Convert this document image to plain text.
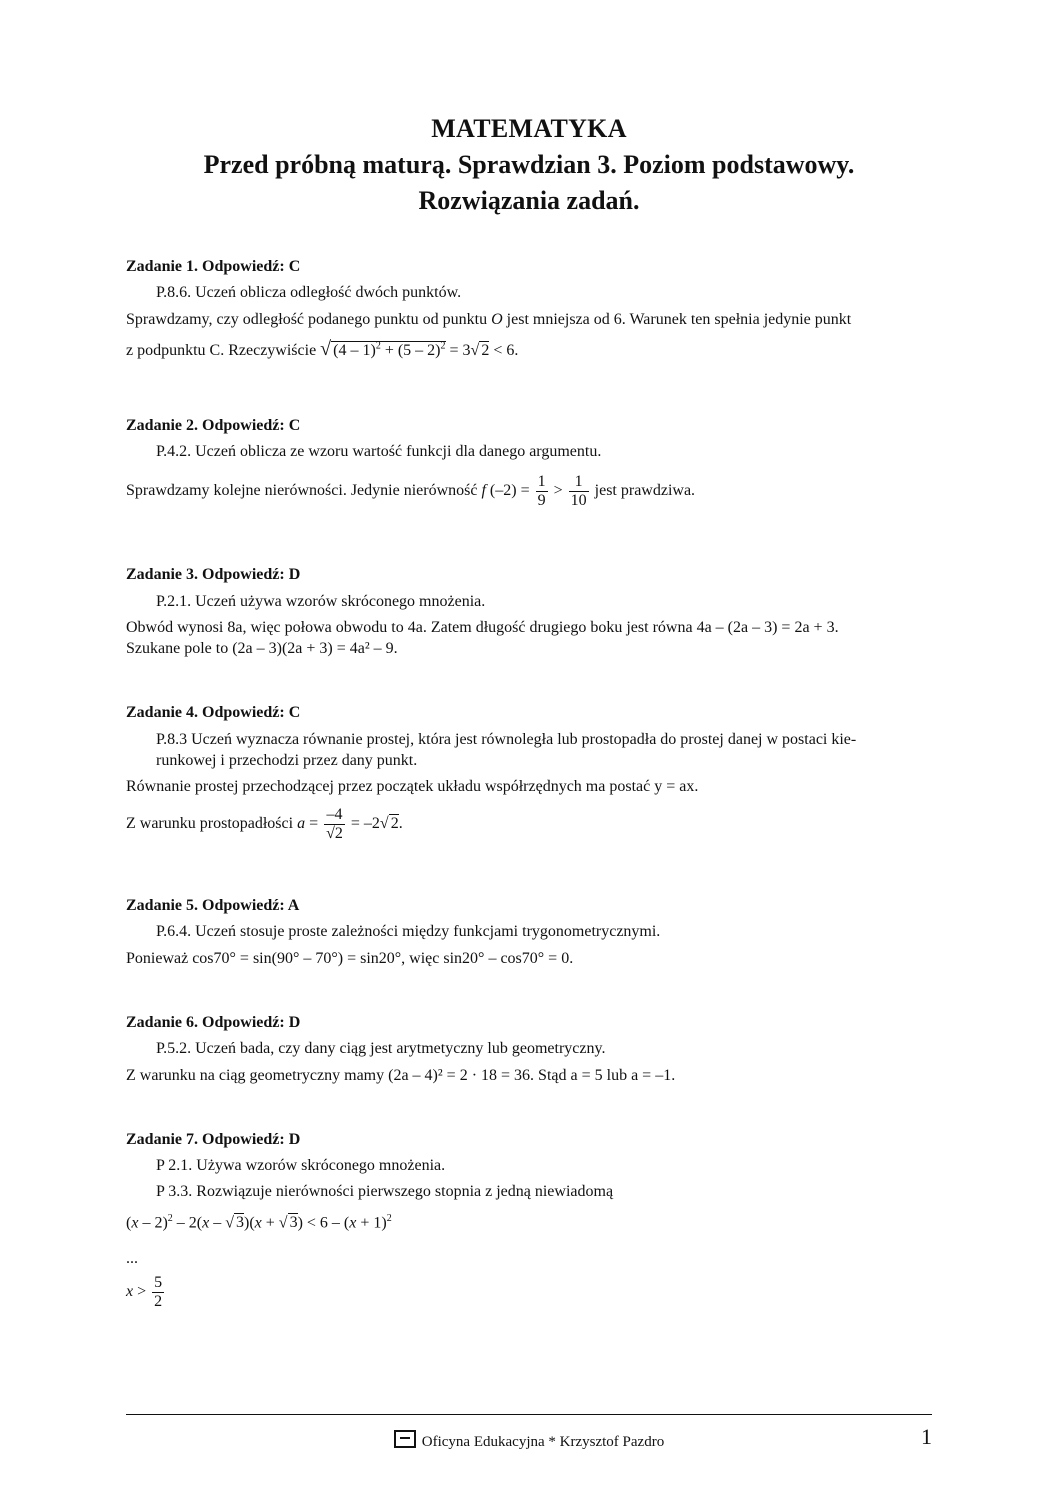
MATEMATYKA
Przed próbną maturą. Sprawdzian 3. Poziom podstawowy.
Rozwiązania zadań.
Zadanie 1. Odpowiedź: C
P.8.6. Uczeń oblicza odległość dwóch punktów.
Sprawdzamy, czy odległość podanego punktu od punktu O jest mniejsza od 6. Warunek ten spełnia jedynie punkt
z podpunktu C. Rzeczywiście √ (4 – 1)$^2$ + (5 – 2)$^2$ = 3√ 2 < 6.
Zadanie 2. Odpowiedź: C
P.4.2. Uczeń oblicza ze wzoru wartość funkcji dla danego argumentu.
Sprawdzamy kolejne nierówności. Jedynie nierówność f $(-2) = \frac{1}{9} > \frac{1}{10}$ jest prawdziwa.
Zadanie 3. Odpowiedź: D
P.2.1. Uczeń używa wzorów skróconego mnożenia.
Obwód wynosi 8a, więc połowa obwodu to 4a. Zatem długość drugiego boku jest równa 4a – (2a – 3) = 2a + 3.
Szukane pole to (2a – 3)(2a + 3) = 4a² – 9.
Zadanie 4. Odpowiedź: C
P.8.3 Uczeń wyznacza równanie prostej, która jest równoległa lub prostopadła do prostej danej w postaci kie-
runkowej i przechodzi przez dany punkt.
Równanie prostej przechodzącej przez początek układu współrzędnych ma postać y = ax.
Z warunku prostopadłości $a = \frac{-4}{√2} = -2√$ 2.
Zadanie 5. Odpowiedź: A
P.6.4. Uczeń stosuje proste zależności między funkcjami trygonometrycznymi.
Ponieważ cos70° = sin(90° – 70°) = sin20°, więc sin20° – cos70° = 0.
Zadanie 6. Odpowiedź: D
P.5.2. Uczeń bada, czy dany ciąg jest arytmetyczny lub geometryczny.
Z warunku na ciąg geometryczny mamy (2a – 4)² = 2 · 18 = 36. Stąd a = 5 lub a = –1.
Zadanie 7. Odpowiedź: D
P 2.1. Używa wzorów skróconego mnożenia.
P 3.3. Rozwiązuje nierówności pierwszego stopnia z jedną niewiadomą
(x – 2)$^2$ – 2(x – √ 3)(x + √ $3) < 6 - (x + 1)^2$
...
$x > \frac{5}{2}$
Oficyna Edukacyjna * Krzysztof Pazdro	1
